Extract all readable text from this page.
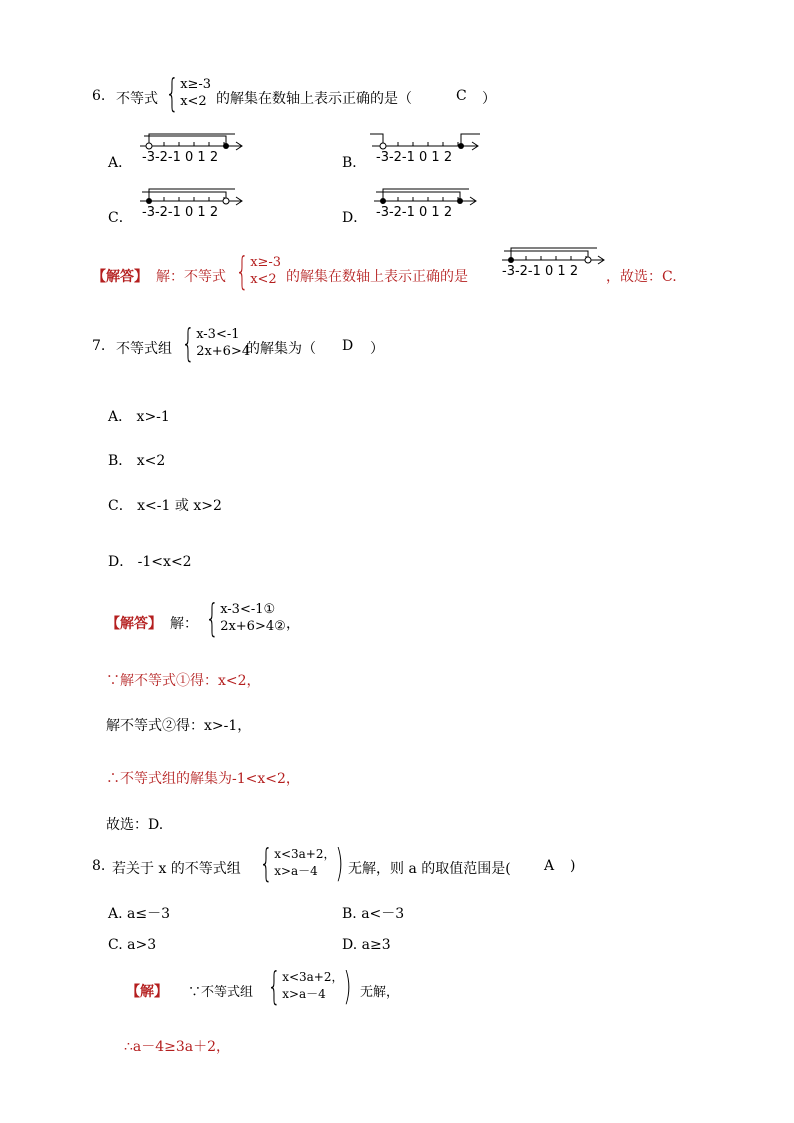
6. 不等式 { x≥-3
x<2 的解集在数轴上表示正确的是（	C ）
A． -3-2-1 0 1 2	B． -3-2-1 0 1 2
C． -3-2-1 0 1 2	D． -3-2-1 0 1 2
【解答】 解：不等式 { x≥-3
x<2 的解集在数轴上表示正确的是	-3-2-1 0 1 2 ，故选：C.
7. 不等式组 { x-3<-1
2x+6>4
的解集为（ D ）
A． x>-1
B． x<2
C． x<-1 或 x>2
D． -1<x<2
【解答】 解： { x-3<-1①
2x+6>4② ，
∵解不等式①得：x<2，
解不等式②得：x>-1，
∴不等式组的解集为-1<x<2，
故选：D.
8. 若关于 x 的不等式组 { x<3a+2，
x>a－4 ) 无解，则 a 的取值范围是( A )
A. a≤－3	B. a<－3
C. a>3	D. a≥3
【解】 ∵不等式组 { x<3a+2，
x>a－4 ) 无解，
∴a－4≥3a＋2，
